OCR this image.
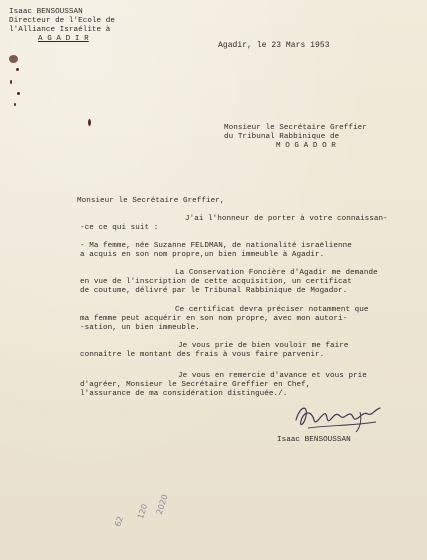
Isaac BENSOUSSAN
Directeur de l'Ecole de
l'Alliance Israélite à
A G A D I R
Agadir, le 23 Mars 1953
Monsieur le Secrétaire Greffier
du Tribunal Rabbinique de
M O G A D O R
Monsieur le Secrétaire Greffier,
J'ai l'honneur de porter à votre connaissan-
-ce ce qui suit :
- Ma femme, née Suzanne FELDMAN, de nationalité israëlienne
a acquis en son nom propre,un bien immeuble à Agadir.
La Conservation Foncière d'Agadir me demande
en vue de l'inscription de cette acquisition, un certificat
de coutume, délivré par le Tribunal Rabbinique de Mogador.
Ce certificat devra préciser notamment que
ma femme peut acquérir en son nom propre, avec mon autori-
-sation, un bien immeuble.
Je vous prie de bien vouloir me faire
connaître le montant des frais à vous faire parvenir.
Je vous en remercie d'avance et vous prie
d'agréer, Monsieur le Secrétaire Greffier en Chef,
l'assurance de ma considération distinguée./.
Isaac BENSOUSSAN
62
120 2020
